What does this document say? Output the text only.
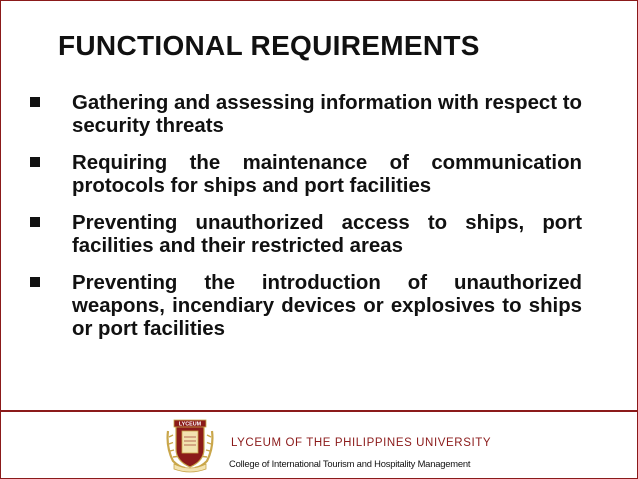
FUNCTIONAL REQUIREMENTS
Gathering and assessing information with respect to security threats
Requiring the maintenance of communication protocols for ships and port facilities
Preventing unauthorized access to ships, port facilities and their restricted areas
Preventing the introduction of unauthorized weapons, incendiary devices or explosives to ships or port facilities
LYCEUM
LYCEUM OF THE PHILIPPINES UNIVERSITY
College of International Tourism and Hospitality Management
